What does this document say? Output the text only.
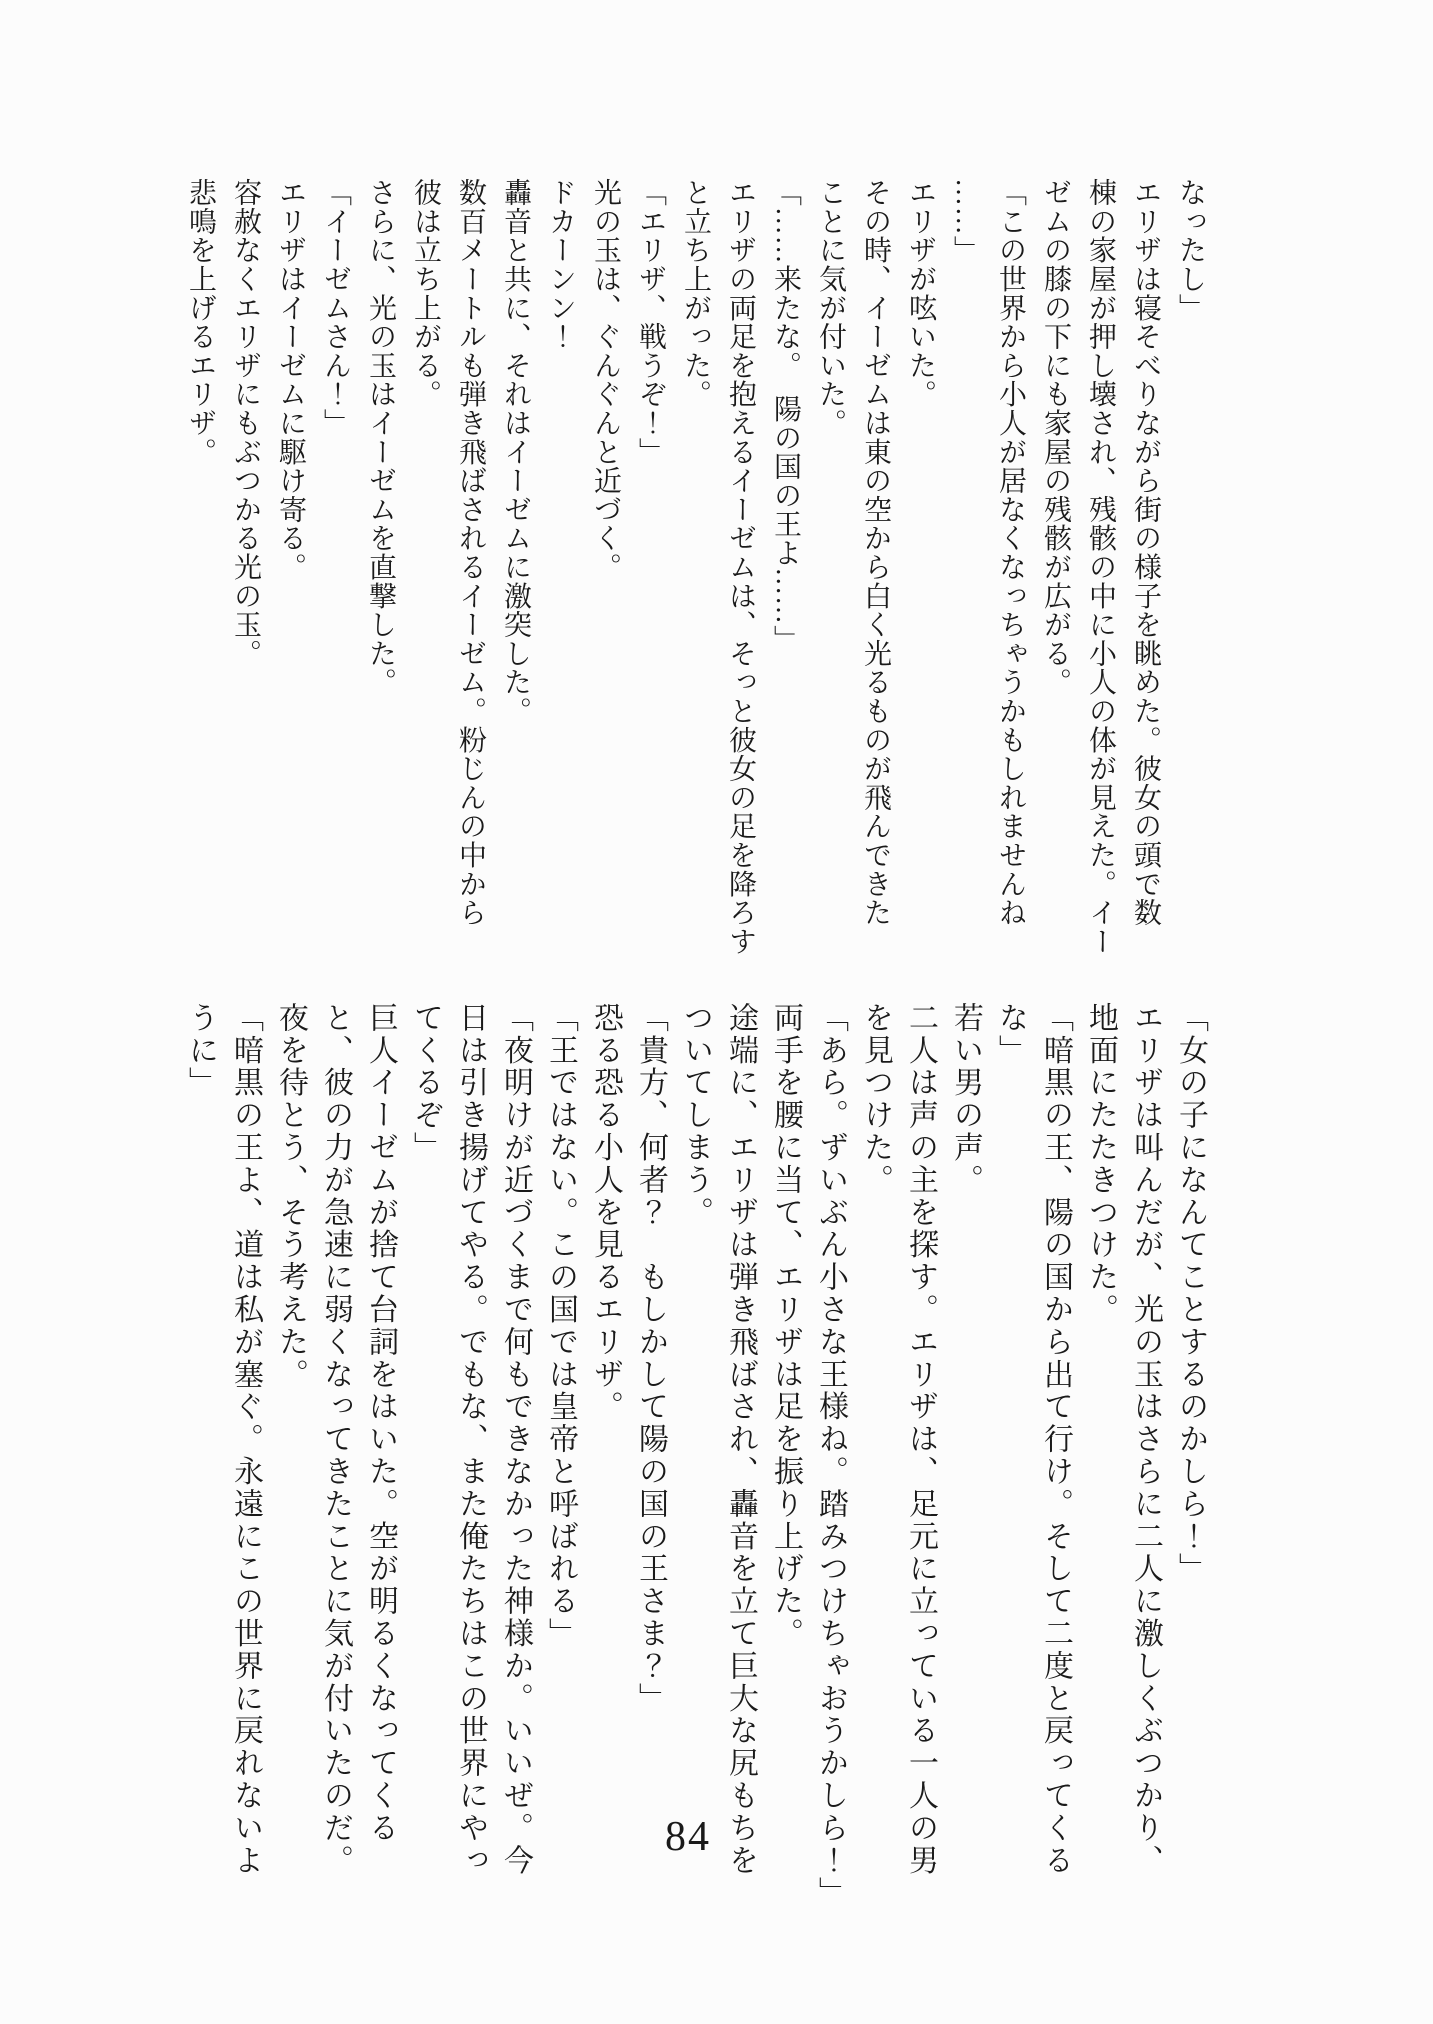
なったし」

エリザは寝そべりながら街の様子を眺めた。彼女の頭で数

棟の家屋が押し壊され、残骸の中に小人の体が見えた。イー

ゼムの膝の下にも家屋の残骸が広がる。

「この世界から小人が居なくなっちゃうかもしれませんね

……」

エリザが呟いた。

その時、イーゼムは東の空から白く光るものが飛んできた

ことに気が付いた。

「……来たな。　陽の国の王よ……」

エリザの両足を抱えるイーゼムは、そっと彼女の足を降ろす

と立ち上がった。

「エリザ、戦うぞ！」

光の玉は、ぐんぐんと近づく。

ドカーンン！

轟音と共に、それはイーゼムに激突した。

数百メートルも弾き飛ばされるイーゼム。粉じんの中から

彼は立ち上がる。

さらに、光の玉はイーゼムを直撃した。

「イーゼムさん！」

エリザはイーゼムに駆け寄る。

容赦なくエリザにもぶつかる光の玉。

悲鳴を上げるエリザ。

「女の子になんてことするのかしら！」

エリザは叫んだが、光の玉はさらに二人に激しくぶつかり、

地面にたたきつけた。

「暗黒の王、陽の国から出て行け。そして二度と戻ってくる

な」

若い男の声。

二人は声の主を探す。エリザは、足元に立っている一人の男

を見つけた。

「あら。ずいぶん小さな王様ね。踏みつけちゃおうかしら！」

両手を腰に当て、エリザは足を振り上げた。

途端に、エリザは弾き飛ばされ、轟音を立て巨大な尻もちを

ついてしまう。

「貴方、何者？　もしかして陽の国の王さま？」

恐る恐る小人を見るエリザ。

「王ではない。この国では皇帝と呼ばれる」

「夜明けが近づくまで何もできなかった神様か。いいぜ。今

日は引き揚げてやる。でもな、また俺たちはこの世界にやっ

てくるぞ」

巨人イーゼムが捨て台詞をはいた。空が明るくなってくる

と、彼の力が急速に弱くなってきたことに気が付いたのだ。

夜を待とう、そう考えた。

「暗黒の王よ、道は私が塞ぐ。永遠にこの世界に戻れないよ

うに」

84
